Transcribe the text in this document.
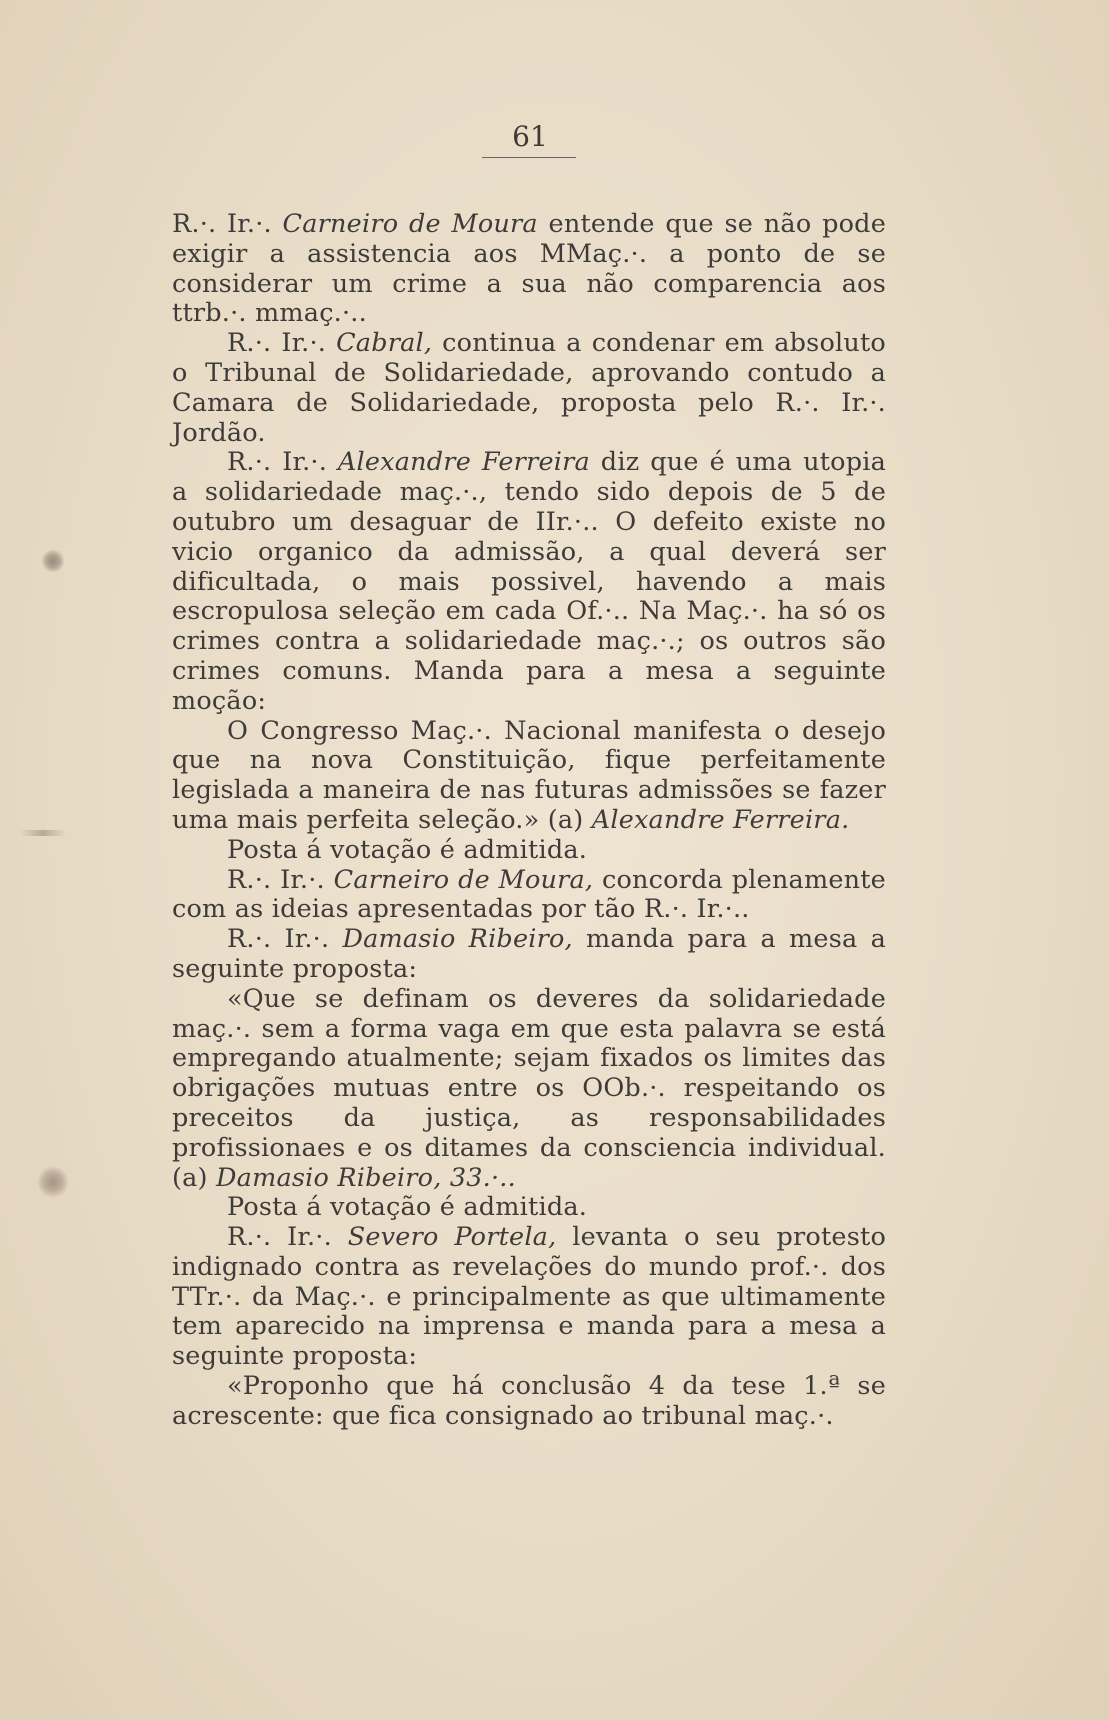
61

R.·. Ir.·. Carneiro de Moura entende que se não pode exigir a assistencia aos MMaç.·. a ponto de se considerar um crime a sua não comparencia aos ttrb.·. mmaç.·..

R.·. Ir.·. Cabral, continua a condenar em absoluto o Tribunal de Solidariedade, aprovando contudo a Camara de Solidariedade, proposta pelo R.·. Ir.·. Jordão.

R.·. Ir.·. Alexandre Ferreira diz que é uma utopia a solidariedade maç.·., tendo sido depois de 5 de outubro um desaguar de IIr.·.. O defeito existe no vicio organico da admissão, a qual deverá ser dificultada, o mais possivel, havendo a mais escropulosa seleção em cada Of.·.. Na Maç.·. ha só os crimes contra a solidariedade maç.·.; os outros são crimes comuns. Manda para a mesa a seguinte moção:

O Congresso Maç.·. Nacional manifesta o desejo que na nova Constituição, fique perfeitamente legislada a maneira de nas futuras admissões se fazer uma mais perfeita seleção.» (a) Alexandre Ferreira.

Posta á votação é admitida.

R.·. Ir.·. Carneiro de Moura, concorda plenamente com as ideias apresentadas por tão R.·. Ir.·..

R.·. Ir.·. Damasio Ribeiro, manda para a mesa a seguinte proposta:

«Que se definam os deveres da solidariedade maç.·. sem a forma vaga em que esta palavra se está empregando atualmente; sejam fixados os limites das obrigações mutuas entre os OOb.·. respeitando os preceitos da justiça, as responsabilidades profissionaes e os ditames da consciencia individual. (a) Damasio Ribeiro, 33.·..

Posta á votação é admitida.

R.·. Ir.·. Severo Portela, levanta o seu protesto indignado contra as revelações do mundo prof.·. dos TTr.·. da Maç.·. e principalmente as que ultimamente tem aparecido na imprensa e manda para a mesa a seguinte proposta:

«Proponho que há conclusão 4 da tese 1.ª se acrescente: que fica consignado ao tribunal maç.·.
